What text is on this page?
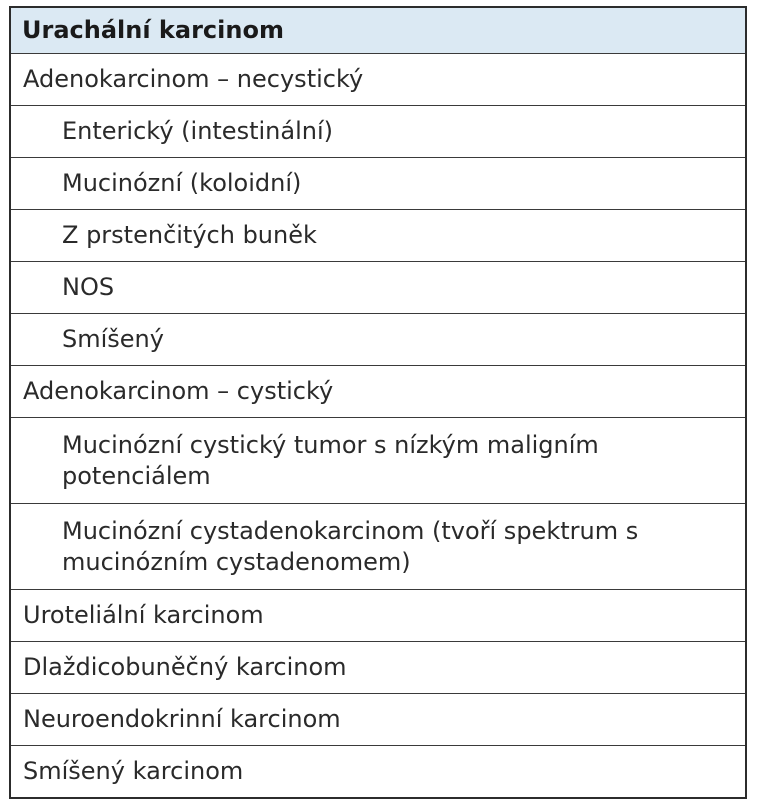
Urachální karcinom
Adenokarcinom – necystický
Enterický (intestinální)
Mucinózní (koloidní)
Z prstenčitých buněk
NOS
Smíšený
Adenokarcinom – cystický
Mucinózní cystický tumor s nízkým maligním potenciálem
Mucinózní cystadenokarcinom (tvoří spektrum s mucinózním cystadenomem)
Uroteliální karcinom
Dlaždicobuněčný karcinom
Neuroendokrinní karcinom
Smíšený karcinom
